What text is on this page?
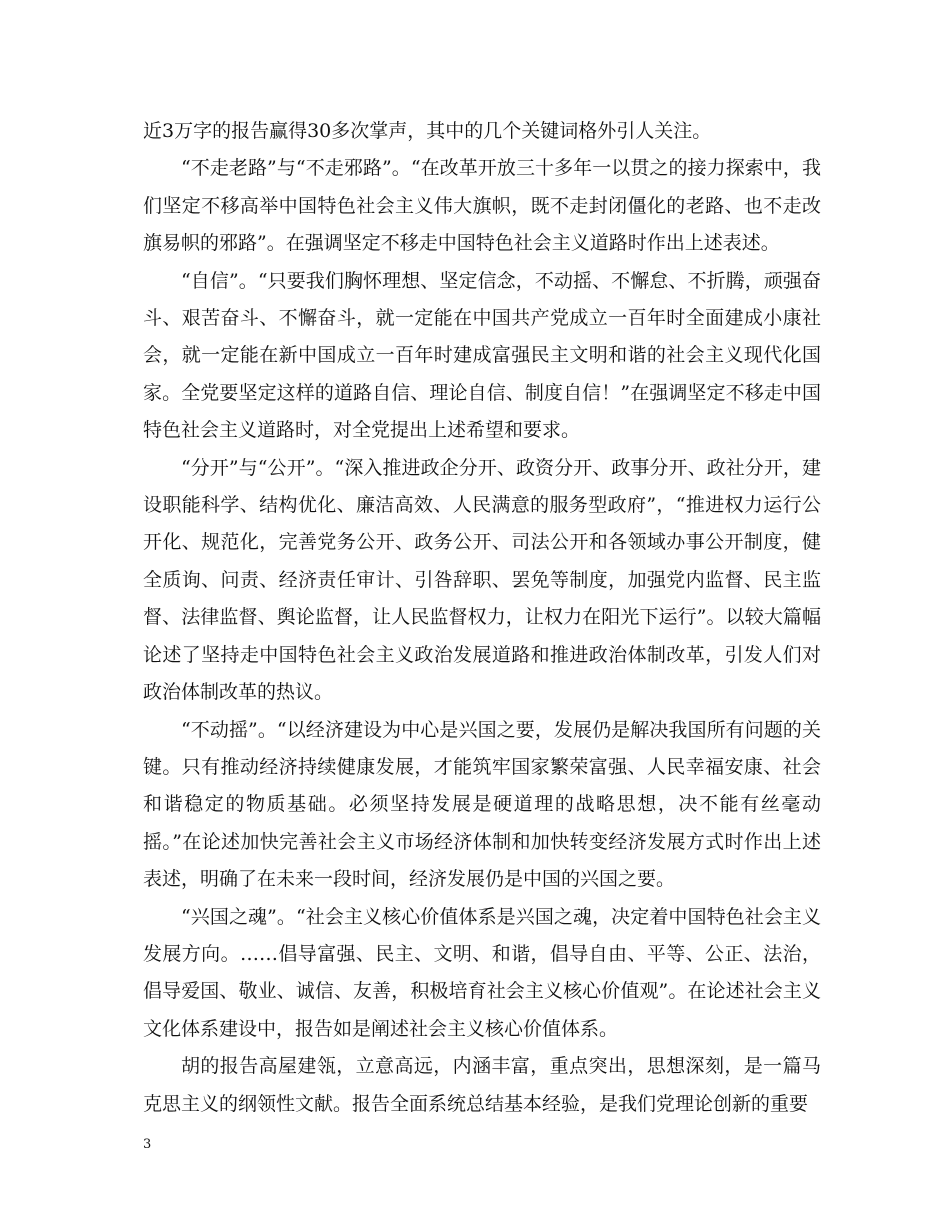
近3万字的报告赢得30多次掌声，其中的几个关键词格外引人关注。

“不走老路”与“不走邪路”。“在改革开放三十多年一以贯之的接力探索中，我们坚定不移高举中国特色社会主义伟大旗帜，既不走封闭僵化的老路、也不走改旗易帜的邪路”。在强调坚定不移走中国特色社会主义道路时作出上述表述。

“自信”。“只要我们胸怀理想、坚定信念，不动摇、不懈怠、不折腾，顽强奋斗、艰苦奋斗、不懈奋斗，就一定能在中国共产党成立一百年时全面建成小康社会，就一定能在新中国成立一百年时建成富强民主文明和谐的社会主义现代化国家。全党要坚定这样的道路自信、理论自信、制度自信！”在强调坚定不移走中国特色社会主义道路时，对全党提出上述希望和要求。

“分开”与“公开”。“深入推进政企分开、政资分开、政事分开、政社分开，建设职能科学、结构优化、廉洁高效、人民满意的服务型政府”，“推进权力运行公开化、规范化，完善党务公开、政务公开、司法公开和各领域办事公开制度，健全质询、问责、经济责任审计、引咎辞职、罢免等制度，加强党内监督、民主监督、法律监督、舆论监督，让人民监督权力，让权力在阳光下运行”。以较大篇幅论述了坚持走中国特色社会主义政治发展道路和推进政治体制改革，引发人们对政治体制改革的热议。

“不动摇”。“以经济建设为中心是兴国之要，发展仍是解决我国所有问题的关键。只有推动经济持续健康发展，才能筑牢国家繁荣富强、人民幸福安康、社会和谐稳定的物质基础。必须坚持发展是硬道理的战略思想，决不能有丝毫动摇。”在论述加快完善社会主义市场经济体制和加快转变经济发展方式时作出上述表述，明确了在未来一段时间，经济发展仍是中国的兴国之要。

“兴国之魂”。“社会主义核心价值体系是兴国之魂，决定着中国特色社会主义发展方向。……倡导富强、民主、文明、和谐，倡导自由、平等、公正、法治，倡导爱国、敬业、诚信、友善，积极培育社会主义核心价值观”。在论述社会主义文化体系建设中，报告如是阐述社会主义核心价值体系。

胡的报告高屋建瓴，立意高远，内涵丰富，重点突出，思想深刻，是一篇马克思主义的纲领性文献。报告全面系统总结基本经验，是我们党理论创新的重要

3
